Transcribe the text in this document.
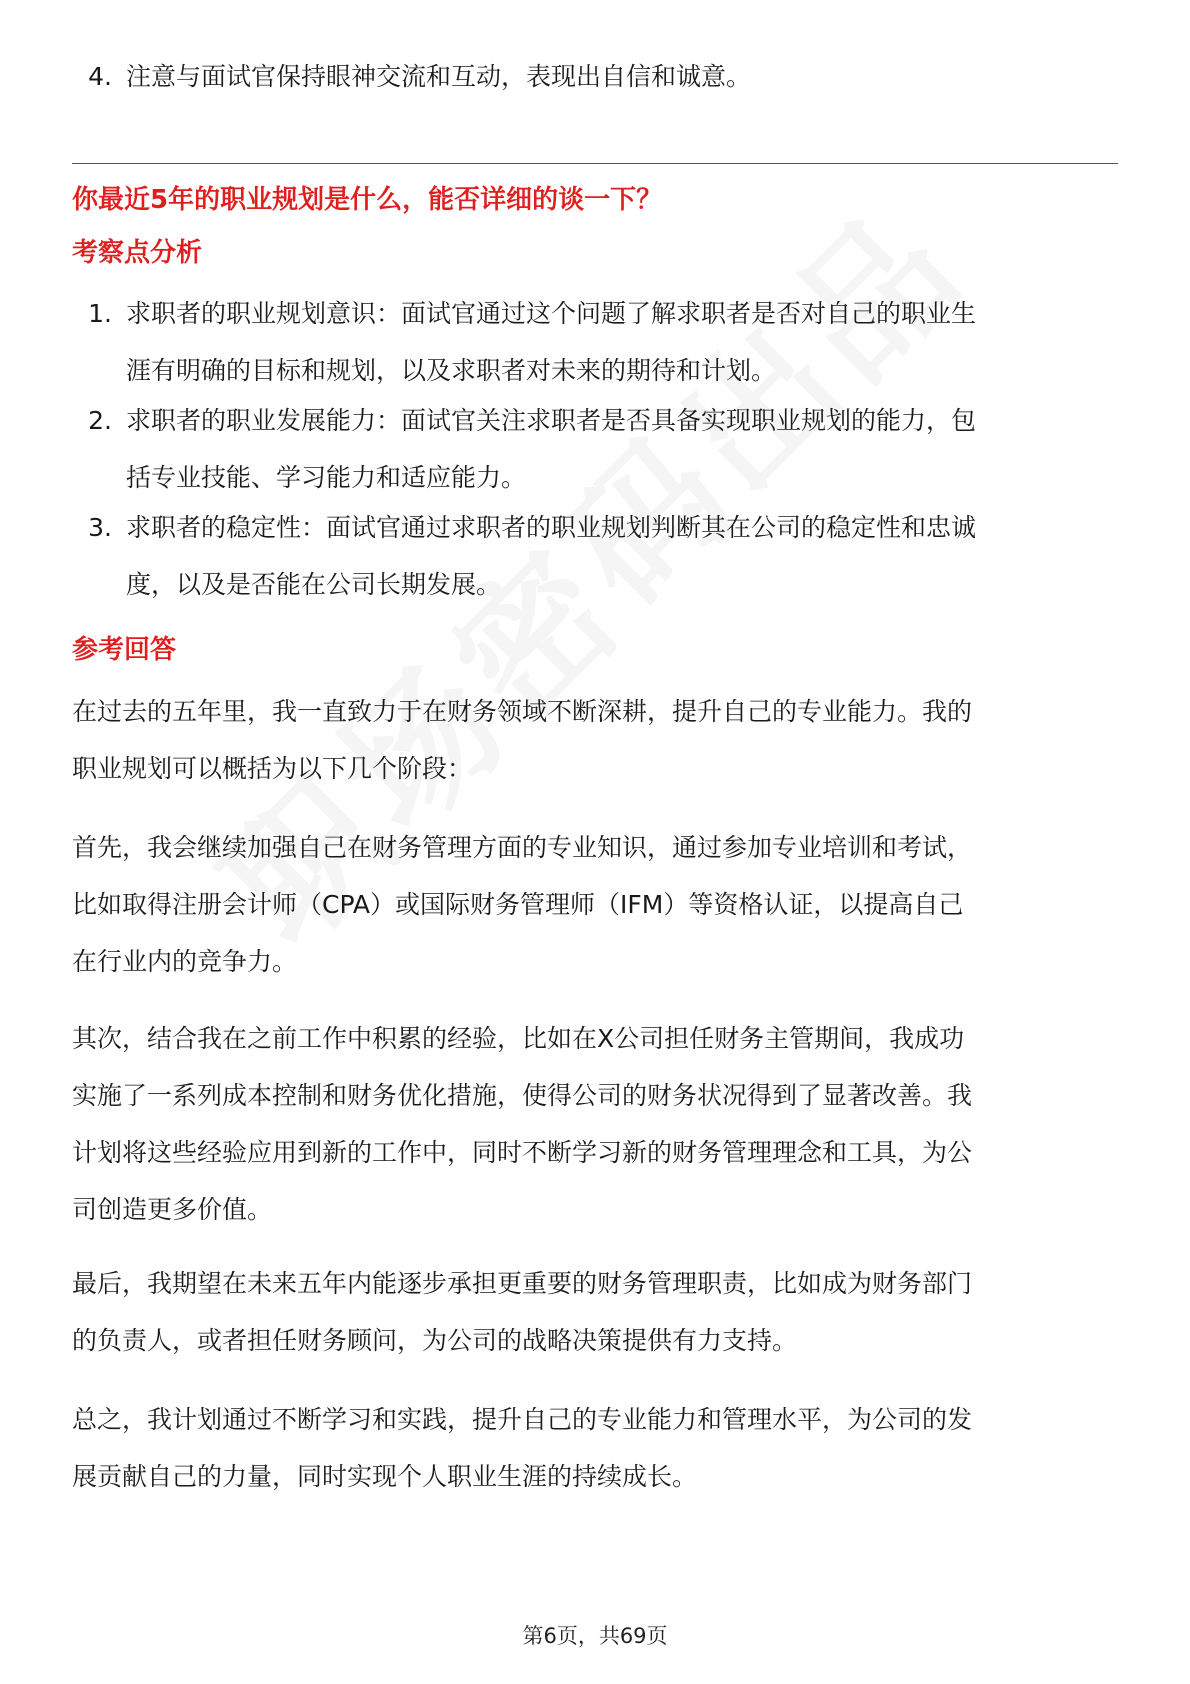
4. 注意与面试官保持眼神交流和互动，表现出自信和诚意。
你最近5年的职业规划是什么，能否详细的谈一下？
考察点分析
1. 求职者的职业规划意识：面试官通过这个问题了解求职者是否对自己的职业生
涯有明确的目标和规划，以及求职者对未来的期待和计划。
2. 求职者的职业发展能力：面试官关注求职者是否具备实现职业规划的能力，包
括专业技能、学习能力和适应能力。
3. 求职者的稳定性：面试官通过求职者的职业规划判断其在公司的稳定性和忠诚
度，以及是否能在公司长期发展。
参考回答
在过去的五年里，我一直致力于在财务领域不断深耕，提升自己的专业能力。我的
职业规划可以概括为以下几个阶段：
首先，我会继续加强自己在财务管理方面的专业知识，通过参加专业培训和考试，
比如取得注册会计师（CPA）或国际财务管理师（IFM）等资格认证，以提高自己
在行业内的竞争力。
其次，结合我在之前工作中积累的经验，比如在X公司担任财务主管期间，我成功
实施了一系列成本控制和财务优化措施，使得公司的财务状况得到了显著改善。我
计划将这些经验应用到新的工作中，同时不断学习新的财务管理理念和工具，为公
司创造更多价值。
最后，我期望在未来五年内能逐步承担更重要的财务管理职责，比如成为财务部门
的负责人，或者担任财务顾问，为公司的战略决策提供有力支持。
总之，我计划通过不断学习和实践，提升自己的专业能力和管理水平，为公司的发
展贡献自己的力量，同时实现个人职业生涯的持续成长。
第6页，共69页
